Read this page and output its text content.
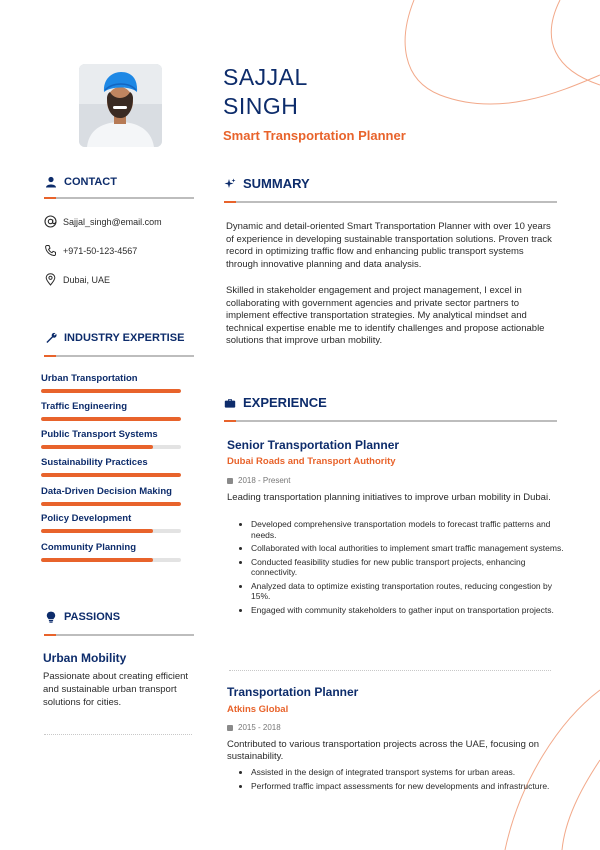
SAJJAL
SINGH
Smart Transportation Planner
CONTACT
Sajjal_singh@email.com
+971-50-123-4567
Dubai, UAE
INDUSTRY EXPERTISE
Urban Transportation
Traffic Engineering
Public Transport Systems
Sustainability Practices
Data-Driven Decision Making
Policy Development
Community Planning
PASSIONS
Urban Mobility
Passionate about creating efficient and sustainable urban transport solutions for cities.
SUMMARY

Dynamic and detail-oriented Smart Transportation Planner with over 10 years of experience in developing sustainable transportation solutions. Proven track record in optimizing traffic flow and enhancing public transport systems through innovative planning and data analysis.

Skilled in stakeholder engagement and project management, I excel in collaborating with government agencies and private sector partners to implement effective transportation strategies. My analytical mindset and technical expertise enable me to identify challenges and propose actionable solutions that improve urban mobility.

EXPERIENCE
Senior Transportation Planner
Dubai Roads and Transport Authority
2018 - Present
Leading transportation planning initiatives to improve urban mobility in Dubai.
• Developed comprehensive transportation models to forecast traffic patterns and needs.
• Collaborated with local authorities to implement smart traffic management systems.
• Conducted feasibility studies for new public transport projects, enhancing connectivity.
• Analyzed data to optimize existing transportation routes, reducing congestion by 15%.
• Engaged with community stakeholders to gather input on transportation projects.
Transportation Planner
Atkins Global
2015 - 2018
Contributed to various transportation projects across the UAE, focusing on sustainability.
• Assisted in the design of integrated transport systems for urban areas.
• Performed traffic impact assessments for new developments and infrastructure.
